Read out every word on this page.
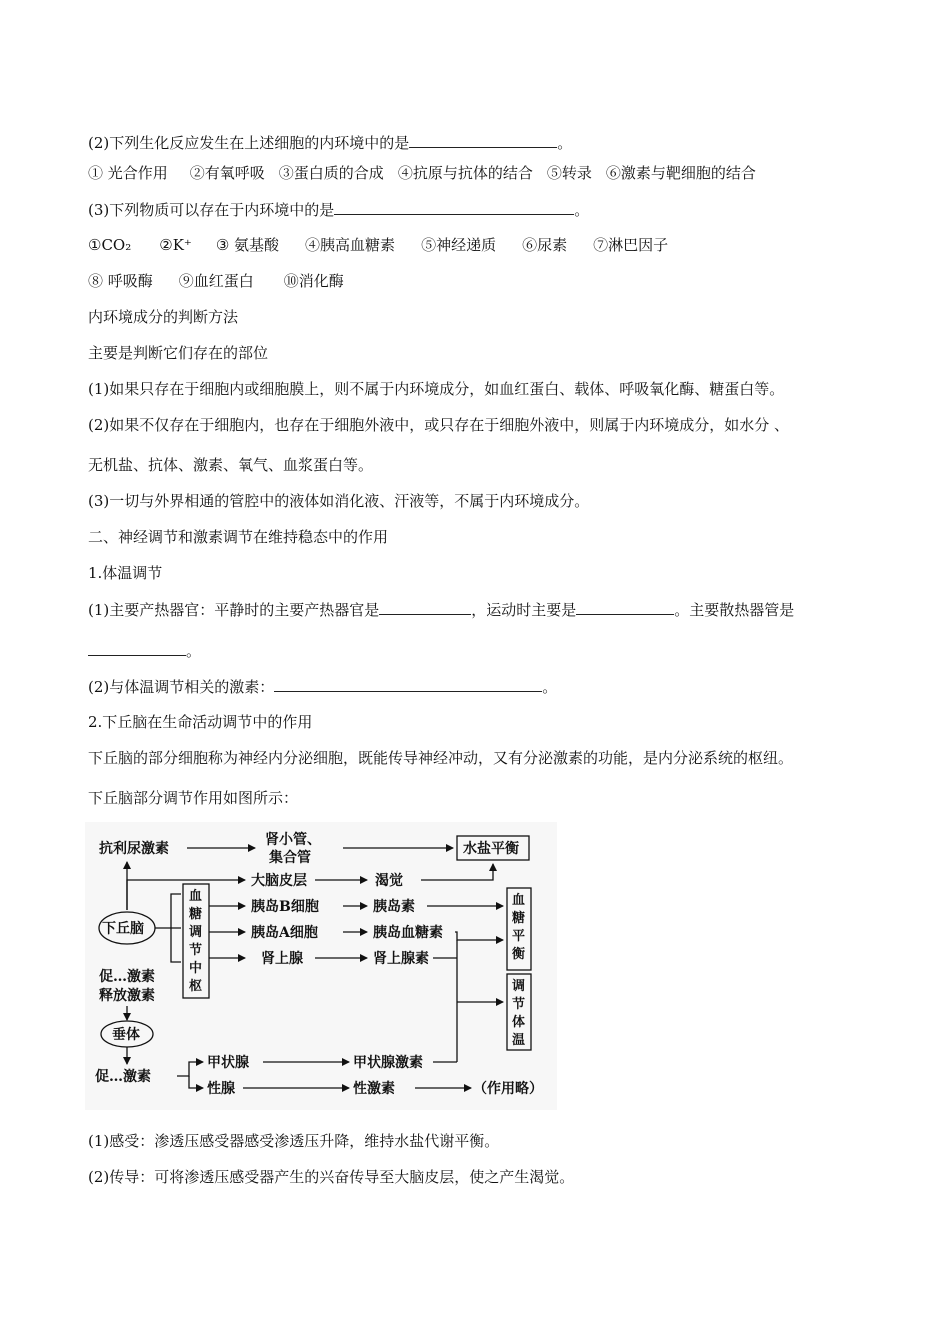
(2)下列生化反应发生在上述细胞的内环境中的是	。
① 光合作用 ②有氧呼吸 ③蛋白质的合成 ④抗原与抗体的结合 ⑤转录 ⑥激素与靶细胞的结合
(3)下列物质可以存在于内环境中的是	。
①CO₂ ②K⁺ ③ 氨基酸 ④胰高血糖素 ⑤神经递质 ⑥尿素 ⑦淋巴因子
⑧ 呼吸酶 ⑨血红蛋白 ⑩消化酶
内环境成分的判断方法
主要是判断它们存在的部位
(1)如果只存在于细胞内或细胞膜上，则不属于内环境成分，如血红蛋白、载体、呼吸氧化酶、糖蛋白等。
(2)如果不仅存在于细胞内，也存在于细胞外液中，或只存在于细胞外液中，则属于内环境成分，如水分 、
无机盐、抗体、激素、氧气、血浆蛋白等。
(3)一切与外界相通的管腔中的液体如消化液、汗液等，不属于内环境成分。
二、神经调节和激素调节在维持稳态中的作用
1.体温调节
(1)主要产热器官：平静时的主要产热器官是	，运动时主要是	。主要散热器管是
。
(2)与体温调节相关的激素：	。
2.下丘脑在生命活动调节中的作用
下丘脑的部分细胞称为神经内分泌细胞，既能传导神经冲动，又有分泌激素的功能，是内分泌系统的枢纽。
下丘脑部分调节作用如图所示：
抗利尿激素
肾小管、
集合管
水盐平衡
大脑皮层	渴觉
下丘脑
血
糖
调
节
中
枢
胰岛B细胞	胰岛素
胰岛A细胞	胰岛血糖素
肾上腺	肾上腺素
血
糖
平
衡
调
节
体
温
促…激素
释放激素
垂体
促…激素
甲状腺	甲状腺激素
性腺	性激素	（作用略）
(1)感受：渗透压感受器感受渗透压升降，维持水盐代谢平衡。
(2)传导：可将渗透压感受器产生的兴奋传导至大脑皮层，使之产生渴觉。
